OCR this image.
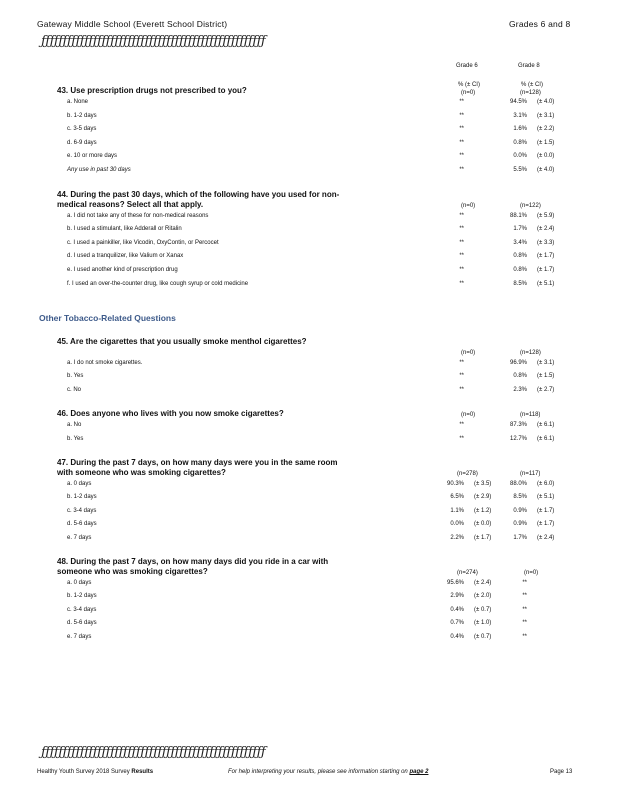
Gateway Middle School (Everett School District)	Grades 6 and 8
ƒƒƒƒƒƒƒƒƒƒƒƒƒƒƒƒƒƒƒƒƒƒƒƒƒƒƒƒƒƒƒƒƒƒƒƒƒƒƒƒƒƒƒƒƒƒƒƒƒƒƒƒ
Grade 6	Grade 8
% (± CI)	% (± CI)
Other Tobacco-Related Questions
43. Use prescription drugs not prescribed to you?	(n=0)	(n=128)
a. None	**	94.5% (± 4.0)
b. 1-2 days	**	3.1% (± 3.1)
c. 3-5 days	**	1.6% (± 2.2)
d. 6-9 days	**	0.8% (± 1.5)
e. 10 or more days	**	0.0% (± 0.0)
Any use in past 30 days	**	5.5% (± 4.0)
44. During the past 30 days, which of the following have you used for non-medical reasons? Select all that apply.	(n=0)	(n=122)
a. I did not take any of these for non-medical reasons	**	88.1% (± 5.9)
b. I used a stimulant, like Adderall or Ritalin	**	1.7% (± 2.4)
c. I used a painkiller, like Vicodin, OxyContin, or Percocet	**	3.4% (± 3.3)
d. I used a tranquilizer, like Valium or Xanax	**	0.8% (± 1.7)
e. I used another kind of prescription drug	**	0.8% (± 1.7)
f. I used an over-the-counter drug, like cough syrup or cold medicine	**	8.5% (± 5.1)
45. Are the cigarettes that you usually smoke menthol cigarettes?
(n=0)	(n=128)
a. I do not smoke cigarettes.	**	96.9% (± 3.1)
b. Yes	**	0.8% (± 1.5)
c. No	**	2.3% (± 2.7)
46. Does anyone who lives with you now smoke cigarettes?	(n=0)	(n=118)
a. No	**	87.3% (± 6.1)
b. Yes	**	12.7% (± 6.1)
47. During the past 7 days, on how many days were you in the same room with someone who was smoking cigarettes?	(n=278)	(n=117)
a. 0 days	90.3% (± 3.5)	88.0% (± 6.0)
b. 1-2 days	6.5% (± 2.9)	8.5% (± 5.1)
c. 3-4 days	1.1% (± 1.2)	0.9% (± 1.7)
d. 5-6 days	0.0% (± 0.0)	0.9% (± 1.7)
e. 7 days	2.2% (± 1.7)	1.7% (± 2.4)
48. During the past 7 days, on how many days did you ride in a car with someone who was smoking cigarettes?	(n=274)	(n=0)
a. 0 days	95.6% (± 2.4)	**
b. 1-2 days	2.9% (± 2.0)	**
c. 3-4 days	0.4% (± 0.7)	**
d. 5-6 days	0.7% (± 1.0)	**
e. 7 days	0.4% (± 0.7)	**
ƒƒƒƒƒƒƒƒƒƒƒƒƒƒƒƒƒƒƒƒƒƒƒƒƒƒƒƒƒƒƒƒƒƒƒƒƒƒƒƒƒƒƒƒƒƒƒƒƒƒƒƒ
Healthy Youth Survey 2018 Survey Results	For help interpreting your results, please see information starting on page 2	Page 13
